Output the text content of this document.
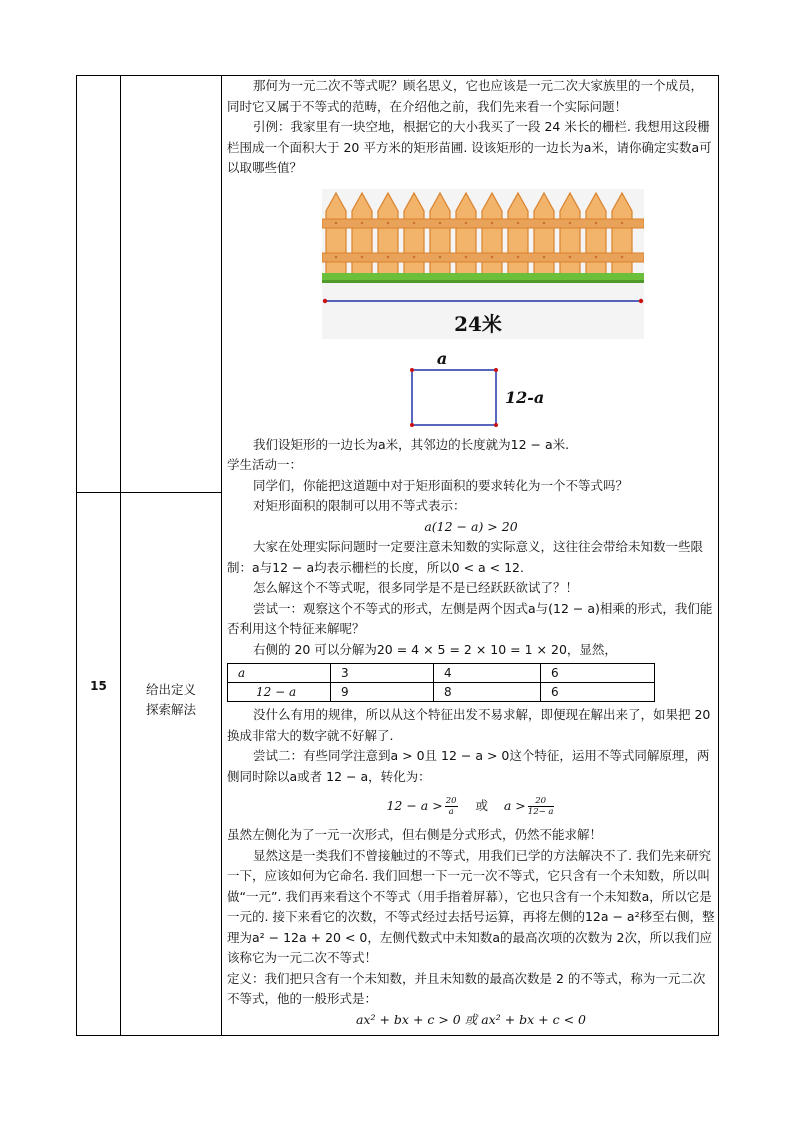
15	给出定义
探索解法

那何为一元二次不等式呢？顾名思义，它也应该是一元二次大家族里的一个成员，同时它又属于不等式的范畴，在介绍他之前，我们先来看一个实际问题！

引例：我家里有一块空地，根据它的大小我买了一段 24 米长的栅栏. 我想用这段栅栏围成一个面积大于 20 平方米的矩形苗圃. 设该矩形的一边长为a米，请你确定实数a可以取哪些值？

24米
a
12-a

我们设矩形的一边长为a米，其邻边的长度就为12 − a米.

学生活动一：

同学们，你能把这道题中对于矩形面积的要求转化为一个不等式吗？

对矩形面积的限制可以用不等式表示：

a(12 − a) > 20

大家在处理实际问题时一定要注意未知数的实际意义，这往往会带给未知数一些限制：a与12 − a均表示栅栏的长度，所以0 < a < 12.

怎么解这个不等式呢，很多同学是不是已经跃跃欲试了？！

尝试一：观察这个不等式的形式，左侧是两个因式a与(12 − a)相乘的形式，我们能否利用这个特征来解呢？

右侧的 20 可以分解为20 = 4 × 5 = 2 × 10 = 1 × 20，显然，

a	3	4	6
12 − a	9	8	6

没什么有用的规律，所以从这个特征出发不易求解，即便现在解出来了，如果把 20 换成非常大的数字就不好解了.

尝试二：有些同学注意到a > 0且 12 − a > 0这个特征，运用不等式同解原理，两侧同时除以a或者 12 − a，转化为：

$12 - a > \frac{20}{a}$ 或 $a > \frac{20}{12- a}$

虽然左侧化为了一元一次形式，但右侧是分式形式，仍然不能求解！

显然这是一类我们不曾接触过的不等式，用我们已学的方法解决不了. 我们先来研究一下，应该如何为它命名. 我们回想一下一元一次不等式，它只含有一个未知数，所以叫做“一元”. 我们再来看这个不等式（用手指着屏幕），它也只含有一个未知数a，所以它是一元的. 接下来看它的次数，不等式经过去括号运算，再将左侧的12a − a²移至右侧，整理为a² − 12a + 20 < 0，左侧代数式中未知数a的最高次项的次数为 2次，所以我们应该称它为一元二次不等式！

定义：我们把只含有一个未知数，并且未知数的最高次数是 2 的不等式，称为一元二次不等式，他的一般形式是：

ax² + bx + c > 0 或 ax² + bx + c < 0
